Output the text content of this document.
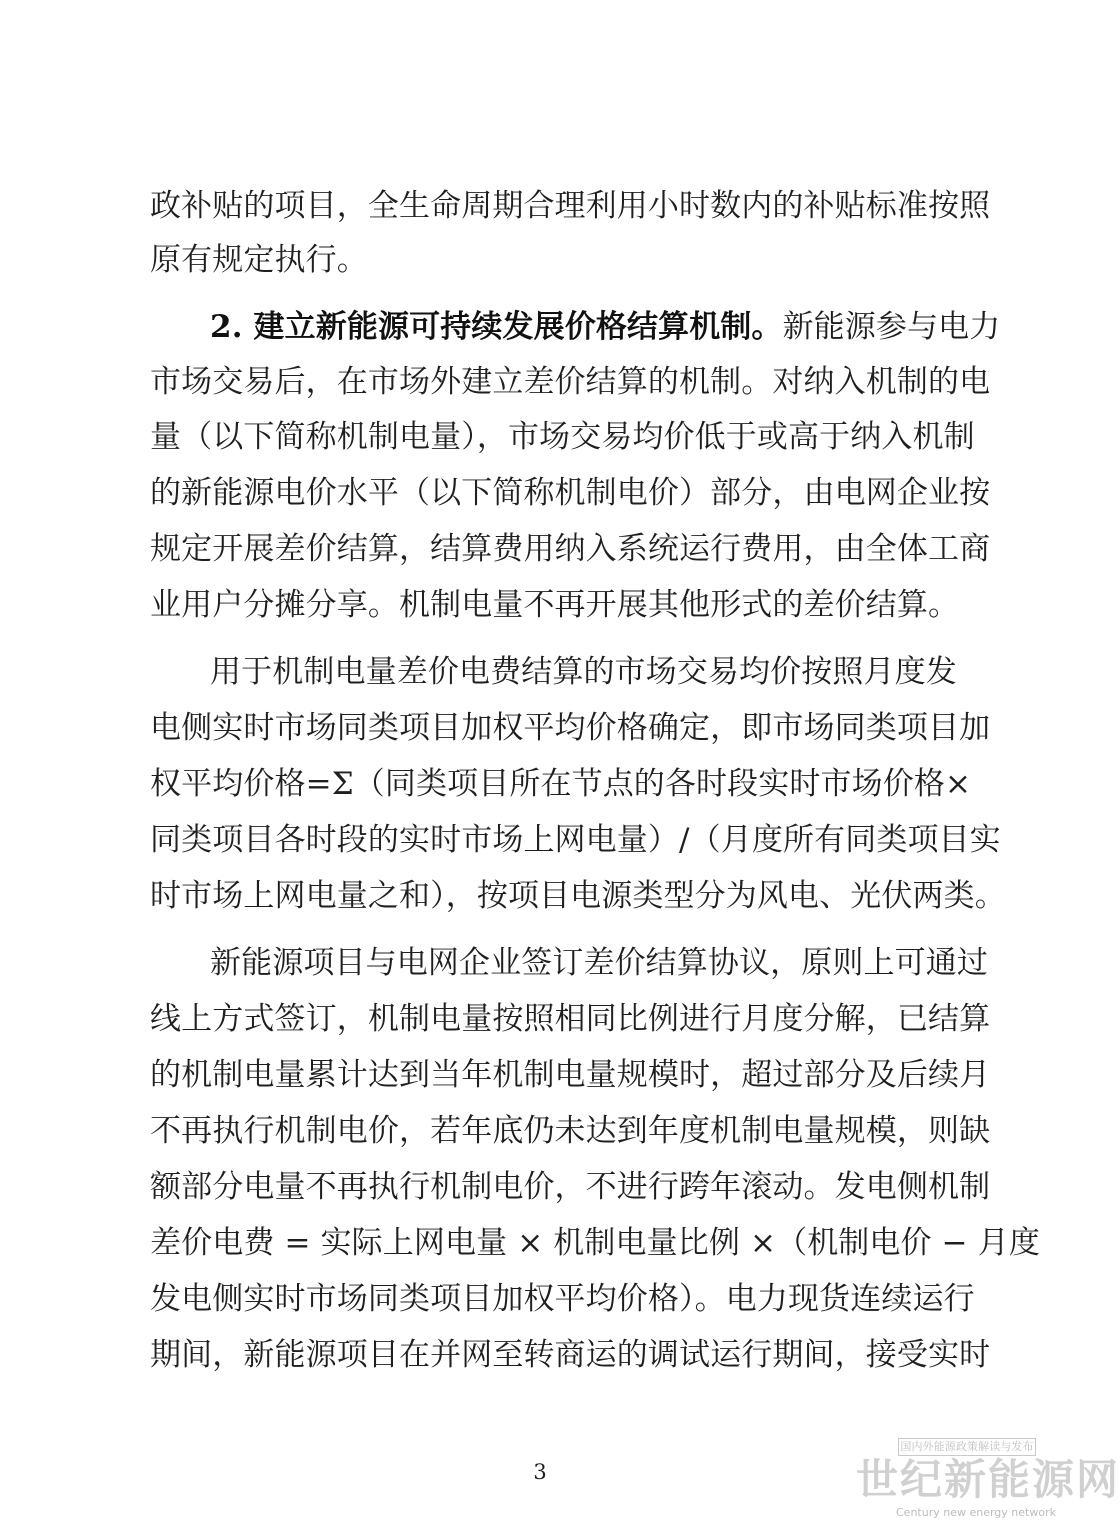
政补贴的项目，全生命周期合理利用小时数内的补贴标准按照
原有规定执行。
2. 建立新能源可持续发展价格结算机制。新能源参与电力
市场交易后，在市场外建立差价结算的机制。对纳入机制的电
量（以下简称机制电量），市场交易均价低于或高于纳入机制
的新能源电价水平（以下简称机制电价）部分，由电网企业按
规定开展差价结算，结算费用纳入系统运行费用，由全体工商
业用户分摊分享。机制电量不再开展其他形式的差价结算。
用于机制电量差价电费结算的市场交易均价按照月度发
电侧实时市场同类项目加权平均价格确定，即市场同类项目加
权平均价格=Σ（同类项目所在节点的各时段实时市场价格×
同类项目各时段的实时市场上网电量）/（月度所有同类项目实
时市场上网电量之和），按项目电源类型分为风电、光伏两类。
新能源项目与电网企业签订差价结算协议，原则上可通过
线上方式签订，机制电量按照相同比例进行月度分解，已结算
的机制电量累计达到当年机制电量规模时，超过部分及后续月
不再执行机制电价，若年底仍未达到年度机制电量规模，则缺
额部分电量不再执行机制电价，不进行跨年滚动。发电侧机制
差价电费 = 实际上网电量 × 机制电量比例 ×（机制电价 − 月度
发电侧实时市场同类项目加权平均价格）。电力现货连续运行
期间，新能源项目在并网至转商运的调试运行期间，接受实时
3
国内外能源政策解读与发布
世纪新能源网
Century new energy network
